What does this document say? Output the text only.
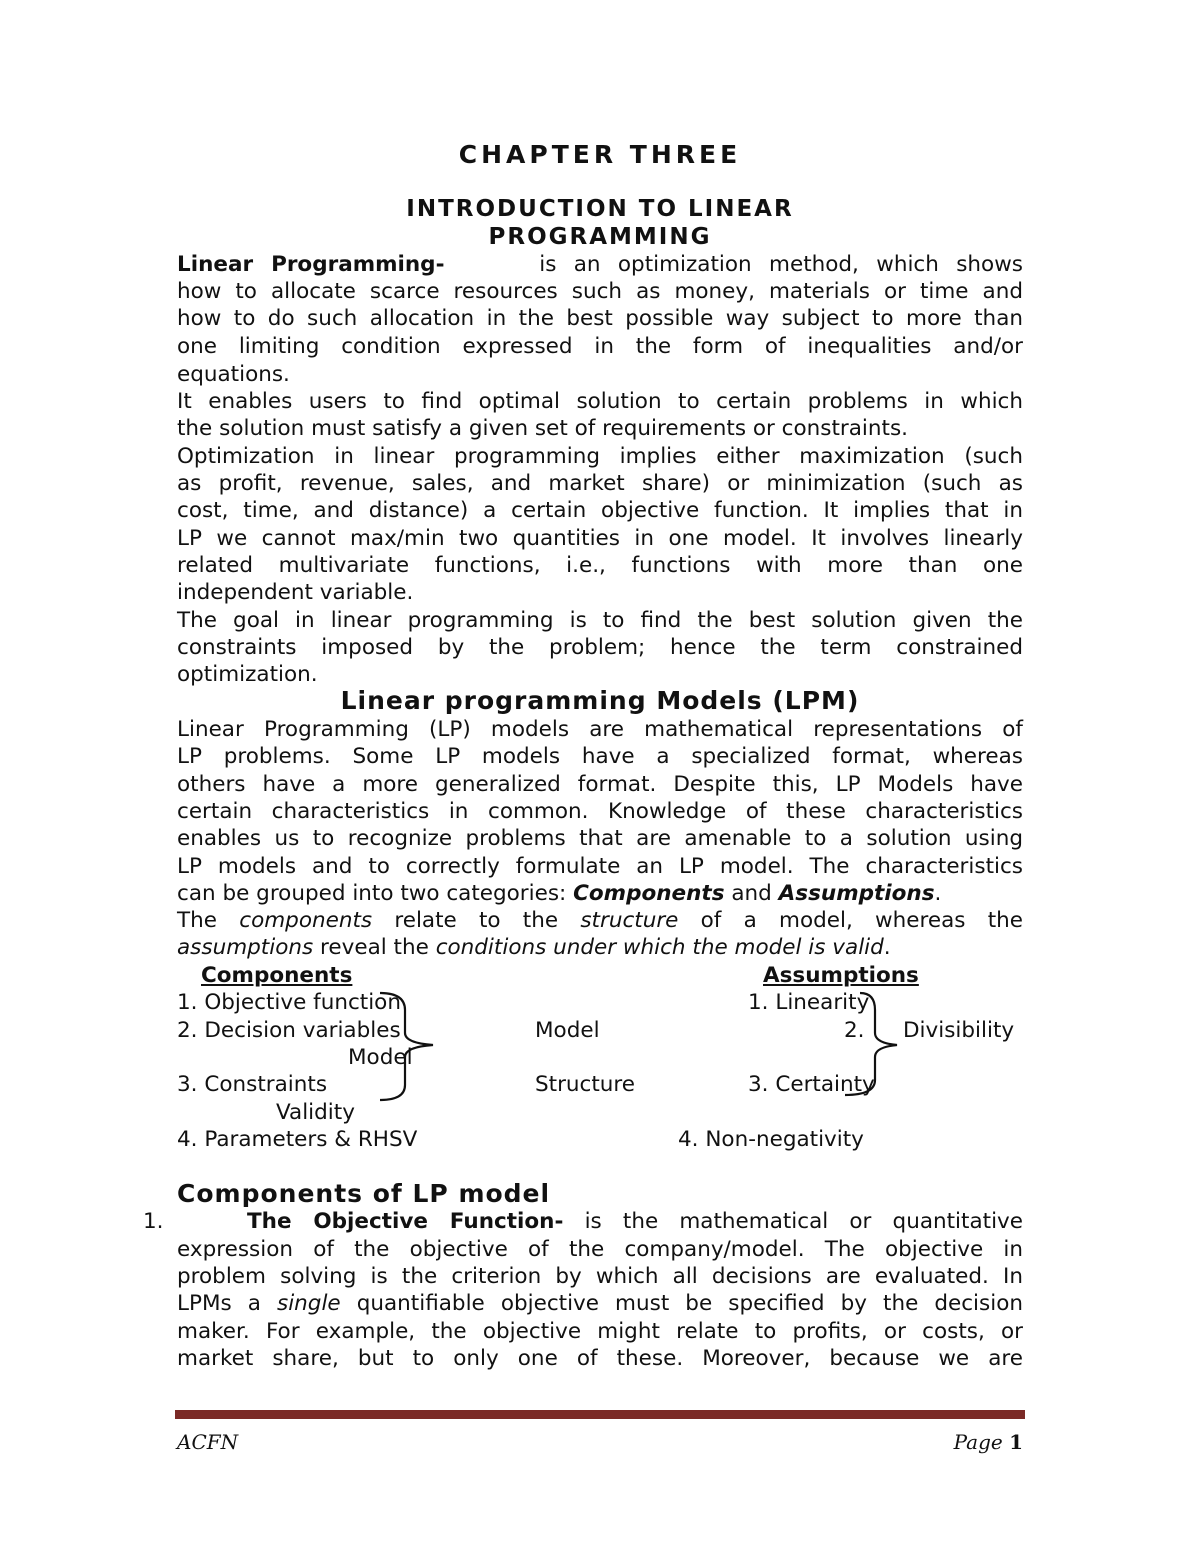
CHAPTER THREE
INTRODUCTION TO LINEAR
PROGRAMMING
Linear Programming-	is an optimization method, which shows
how to allocate scarce resources such as money, materials or time and
how to do such allocation in the best possible way subject to more than
one limiting condition expressed in the form of inequalities and/or
equations.
It enables users to find optimal solution to certain problems in which
the solution must satisfy a given set of requirements or constraints.
Optimization in linear programming implies either maximization (such
as profit, revenue, sales, and market share) or minimization (such as
cost, time, and distance) a certain objective function. It implies that in
LP we cannot max/min two quantities in one model. It involves linearly
related multivariate functions, i.e., functions with more than one
independent variable.
The goal in linear programming is to find the best solution given the
constraints imposed by the problem; hence the term constrained
optimization.
Linear programming Models (LPM)
Linear Programming (LP) models are mathematical representations of
LP problems. Some LP models have a specialized format, whereas
others have a more generalized format. Despite this, LP Models have
certain characteristics in common. Knowledge of these characteristics
enables us to recognize problems that are amenable to a solution using
LP models and to correctly formulate an LP model. The characteristics
can be grouped into two categories: Components and Assumptions.
The components relate to the structure of a model, whereas the
assumptions reveal the conditions under which the model is valid.
Components	Assumptions
1. Objective function	1. Linearity
2. Decision variables	Model	2. Divisibility
Model
3. Constraints	Structure	3. Certainty
Validity
4. Parameters & RHSV	4. Non-negativity
Components of LP model
1.	The Objective Function- is the mathematical or quantitative
expression of the objective of the company/model. The objective in
problem solving is the criterion by which all decisions are evaluated. In
LPMs a single quantifiable objective must be specified by the decision
maker. For example, the objective might relate to profits, or costs, or
market share, but to only one of these. Moreover, because we are
ACFN	Page 1
